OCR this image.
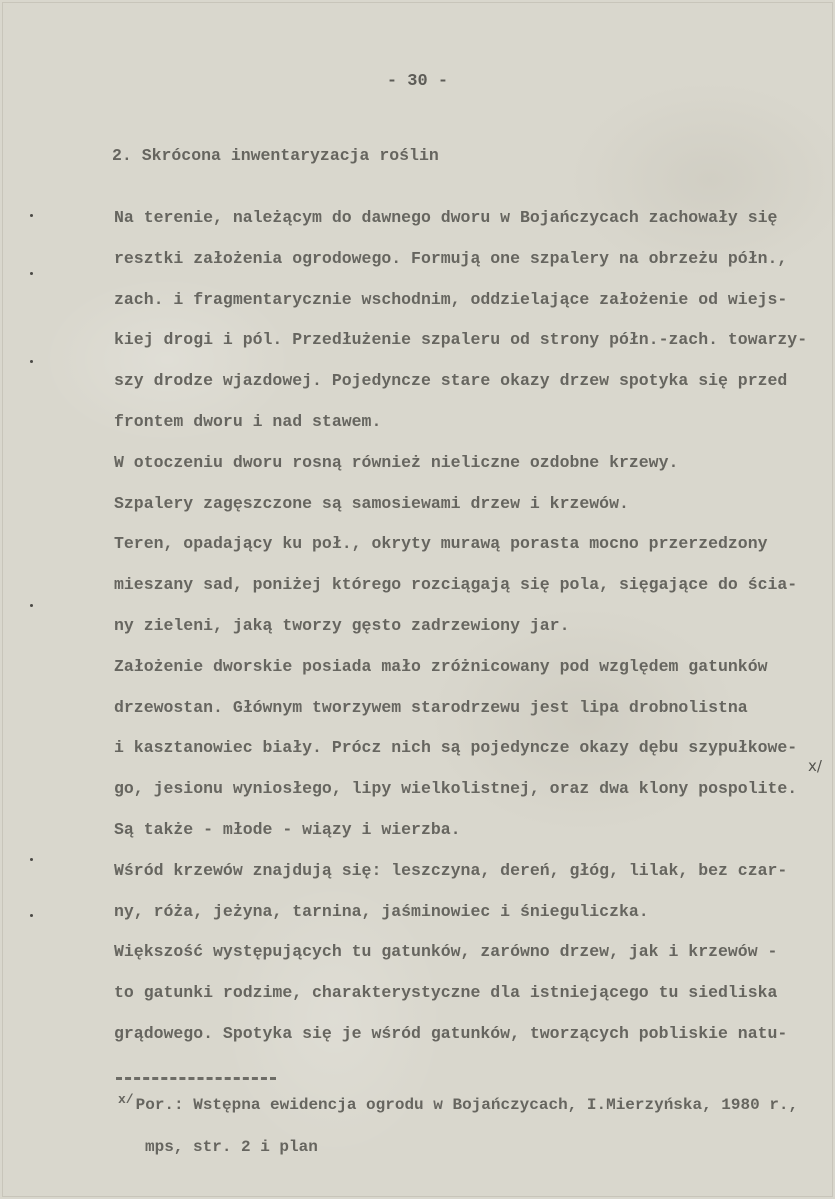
- 30 -
2. Skrócona inwentaryzacja roślin
Na terenie, należącym do dawnego dworu w Bojańczycach zachowały się
resztki założenia ogrodowego. Formują one szpalery na obrzeżu półn.,
zach. i fragmentarycznie wschodnim, oddzielające założenie od wiejs-
kiej drogi i pól. Przedłużenie szpaleru od strony półn.-zach. towarzy-
szy drodze wjazdowej. Pojedyncze stare okazy drzew spotyka się przed
frontem dworu i nad stawem.
W otoczeniu dworu rosną również nieliczne ozdobne krzewy.
Szpalery zagęszczone są samosiewami drzew i krzewów.
Teren, opadający ku poł., okryty murawą porasta mocno przerzedzony
mieszany sad, poniżej którego rozciągają się pola, sięgające do ścia-
ny zieleni, jaką tworzy gęsto zadrzewiony jar.
Założenie dworskie posiada mało zróżnicowany pod względem gatunków
drzewostan. Głównym tworzywem starodrzewu jest lipa drobnolistna
i kasztanowiec biały. Prócz nich są pojedyncze okazy dębu szypułkowe-
go, jesionu wyniosłego, lipy wielkolistnej, oraz dwa klony pospolite.
Są także - młode - wiązy i wierzba.
Wśród krzewów znajdują się: leszczyna, dereń, głóg, lilak, bez czar-
ny, róża, jeżyna, tarnina, jaśminowiec i śnieguliczka.
Większość występujących tu gatunków, zarówno drzew, jak i krzewów -
to gatunki rodzime, charakterystyczne dla istniejącego tu siedliska
grądowego. Spotyka się je wśród gatunków, tworzących pobliskie natu-
x/
$^{x/}$ Por.: Wstępna ewidencja ogrodu w Bojańczycach, I.Mierzyńska, 1980 r.,
mps, str. 2 i plan
